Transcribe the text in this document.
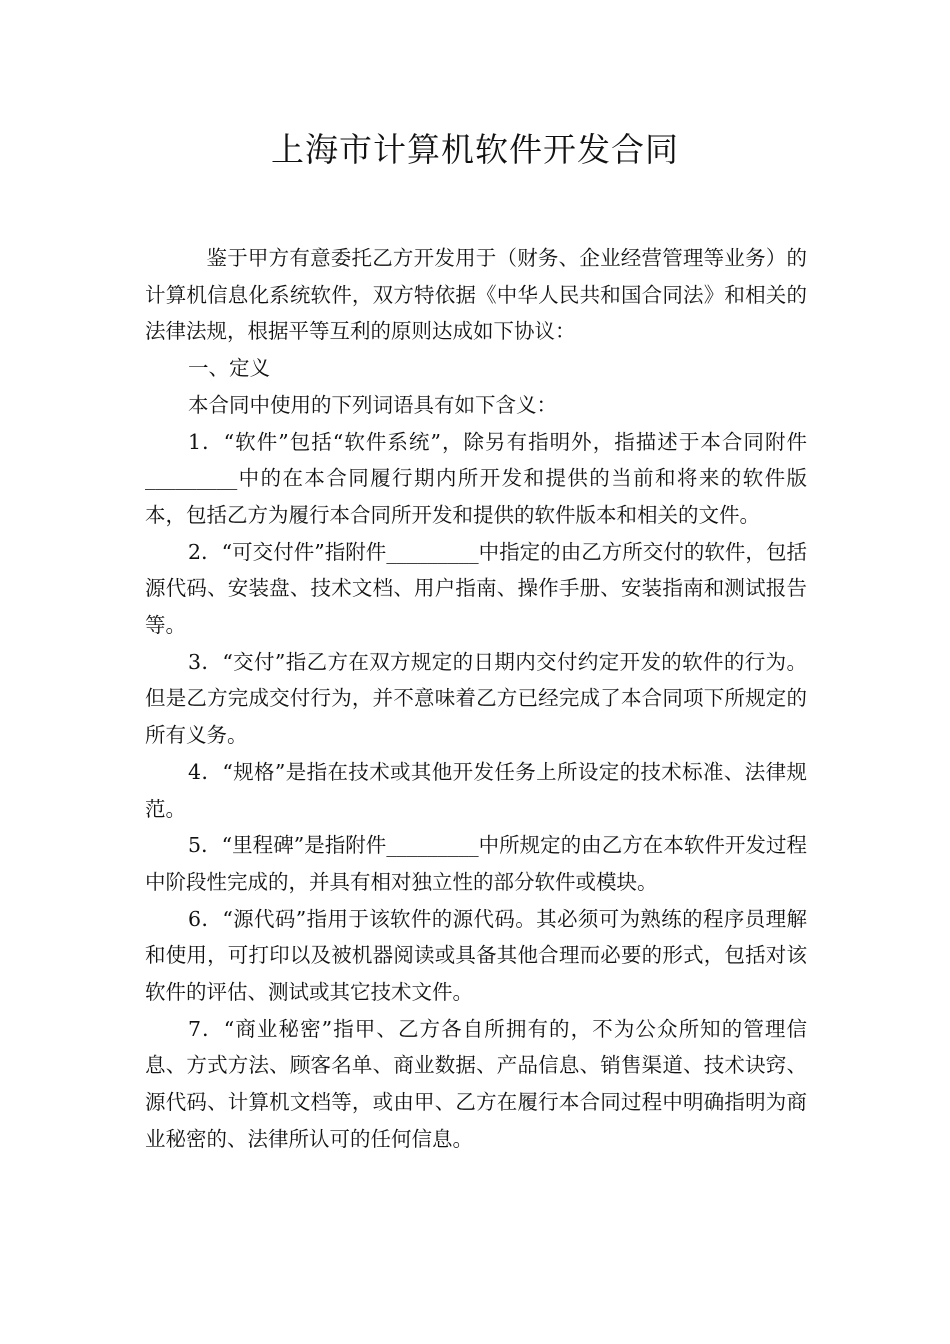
上海市计算机软件开发合同

鉴于甲方有意委托乙方开发用于（财务、企业经营管理等业务）的计算机信息化系统软件，双方特依据《中华人民共和国合同法》和相关的法律法规，根据平等互利的原则达成如下协议：

一、定义

本合同中使用的下列词语具有如下含义：

1．“软件”包括“软件系统”，除另有指明外，指描述于本合同附件_________中的在本合同履行期内所开发和提供的当前和将来的软件版本，包括乙方为履行本合同所开发和提供的软件版本和相关的文件。

2．“可交付件”指附件_________中指定的由乙方所交付的软件，包括源代码、安装盘、技术文档、用户指南、操作手册、安装指南和测试报告等。

3．“交付”指乙方在双方规定的日期内交付约定开发的软件的行为。但是乙方完成交付行为，并不意味着乙方已经完成了本合同项下所规定的所有义务。

4．“规格”是指在技术或其他开发任务上所设定的技术标准、法律规范。

5．“里程碑”是指附件_________中所规定的由乙方在本软件开发过程中阶段性完成的，并具有相对独立性的部分软件或模块。

6．“源代码”指用于该软件的源代码。其必须可为熟练的程序员理解和使用，可打印以及被机器阅读或具备其他合理而必要的形式，包括对该软件的评估、测试或其它技术文件。

7．“商业秘密”指甲、乙方各自所拥有的，不为公众所知的管理信息、方式方法、顾客名单、商业数据、产品信息、销售渠道、技术诀窍、源代码、计算机文档等，或由甲、乙方在履行本合同过程中明确指明为商业秘密的、法律所认可的任何信息。
